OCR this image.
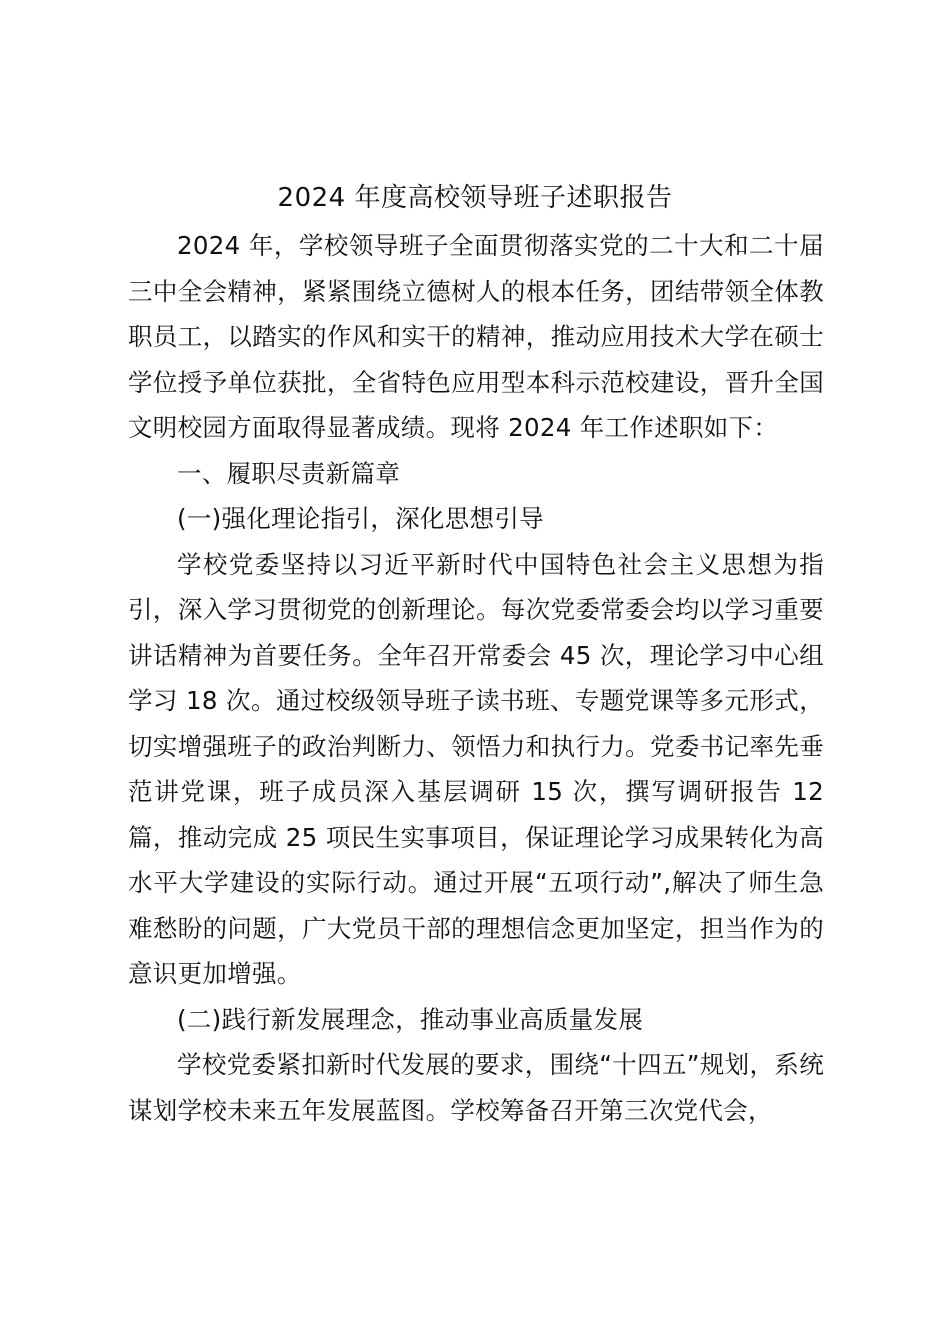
2024 年度高校领导班子述职报告

2024 年，学校领导班子全面贯彻落实党的二十大和二十届三中全会精神，紧紧围绕立德树人的根本任务，团结带领全体教职员工，以踏实的作风和实干的精神，推动应用技术大学在硕士学位授予单位获批，全省特色应用型本科示范校建设，晋升全国文明校园方面取得显著成绩。现将 2024 年工作述职如下：

一、履职尽责新篇章

(一)强化理论指引，深化思想引导

学校党委坚持以习近平新时代中国特色社会主义思想为指引，深入学习贯彻党的创新理论。每次党委常委会均以学习重要讲话精神为首要任务。全年召开常委会 45 次，理论学习中心组学习 18 次。通过校级领导班子读书班、专题党课等多元形式，切实增强班子的政治判断力、领悟力和执行力。党委书记率先垂范讲党课，班子成员深入基层调研 15 次，撰写调研报告 12 篇，推动完成 25 项民生实事项目，保证理论学习成果转化为高水平大学建设的实际行动。通过开展“五项行动”,解决了师生急难愁盼的问题，广大党员干部的理想信念更加坚定，担当作为的意识更加增强。

(二)践行新发展理念，推动事业高质量发展

学校党委紧扣新时代发展的要求，围绕“十四五”规划，系统谋划学校未来五年发展蓝图。学校筹备召开第三次党代会，
